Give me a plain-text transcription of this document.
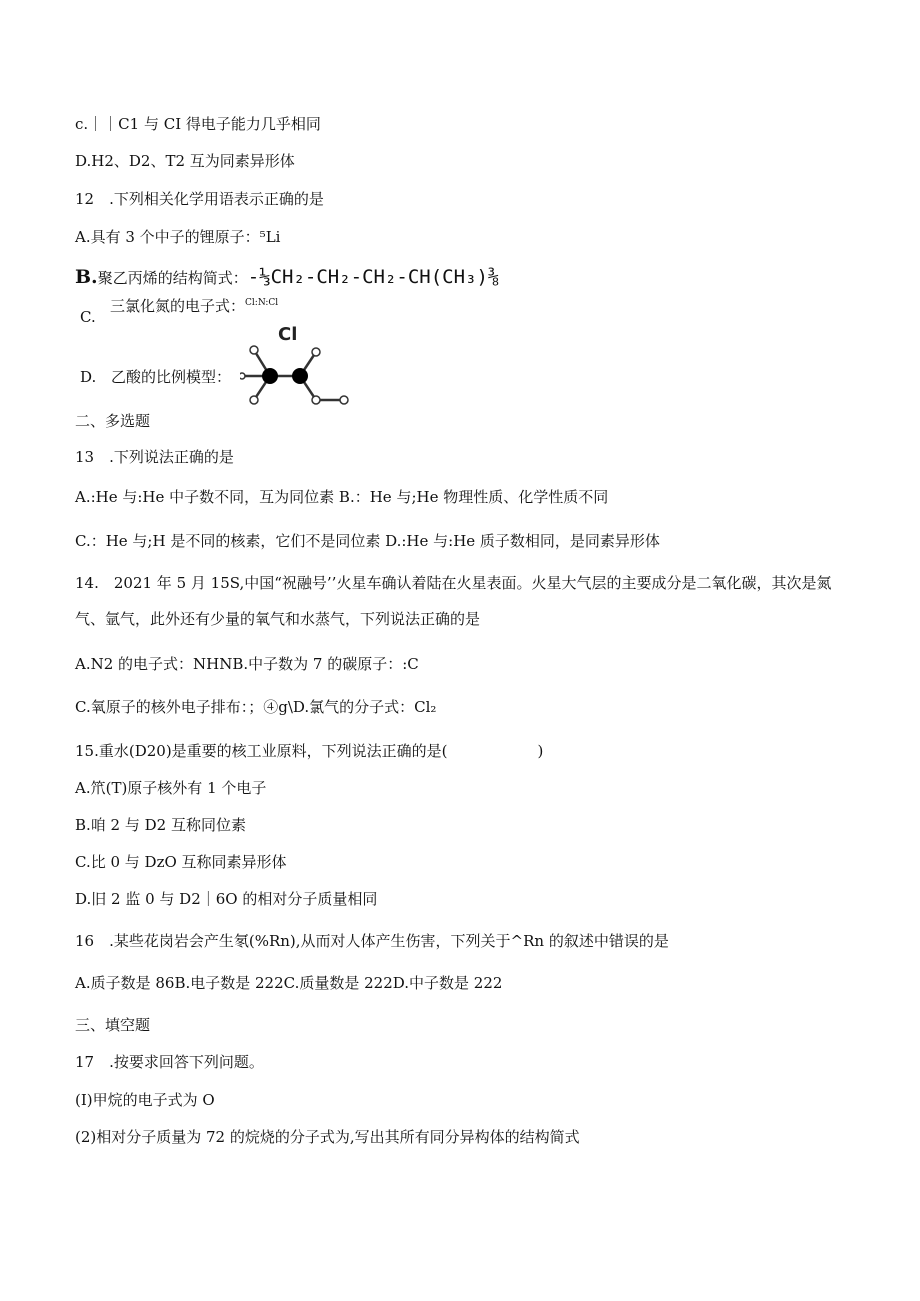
c.｜｜C1 与 CI 得电子能力几乎相同
D.H2、D2、T2 互为同素异形体
12　.下列相关化学用语表示正确的是
A.具有 3 个中子的锂原子：⁵Li
B.聚乙丙烯的结构简式：-⅓CH₂-CH₂-CH₂-CH(CH₃)⅜
C.
三氯化氮的电子式：$^{Cl:N:Cl}$
D. 乙酸的比例模型：
Cl
二、多选题
13　.下列说法正确的是
A.:He 与:He 中子数不同，互为同位素 B.：He 与;He 物理性质、化学性质不同
C.：He 与;H 是不同的核素，它们不是同位素 D.:He 与:He 质子数相同，是同素异形体
14.　2021 年 5 月 15S,中国“祝融号’’火星车确认着陆在火星表面。火星大气层的主要成分是二氧化碳，其次是氮
气、氩气，此外还有少量的氧气和水蒸气，下列说法正确的是
A.N2 的电子式：NHNB.中子数为 7 的碳原子：:C
C.氧原子的核外电子排布：；④g\D.氯气的分子式：Cl₂
15.重水(D20)是重要的核工业原料，下列说法正确的是(　　　　　　)
A.笊(T)原子核外有 1 个电子
B.咱 2 与 D2 互称同位素
C.比 0 与 DzO 互称同素异形体
D.旧 2 监 0 与 D2｜6O 的相对分子质量相同
16　.某些花岗岩会产生氡(%Rn),从而对人体产生伤害，下列关于^Rn 的叙述中错误的是
A.质子数是 86B.电子数是 222C.质量数是 222D.中子数是 222
三、填空题
17　.按要求回答下列问题。
(I)甲烷的电子式为 O
(2)相对分子质量为 72 的烷烧的分子式为,写出其所有同分异构体的结构简式
